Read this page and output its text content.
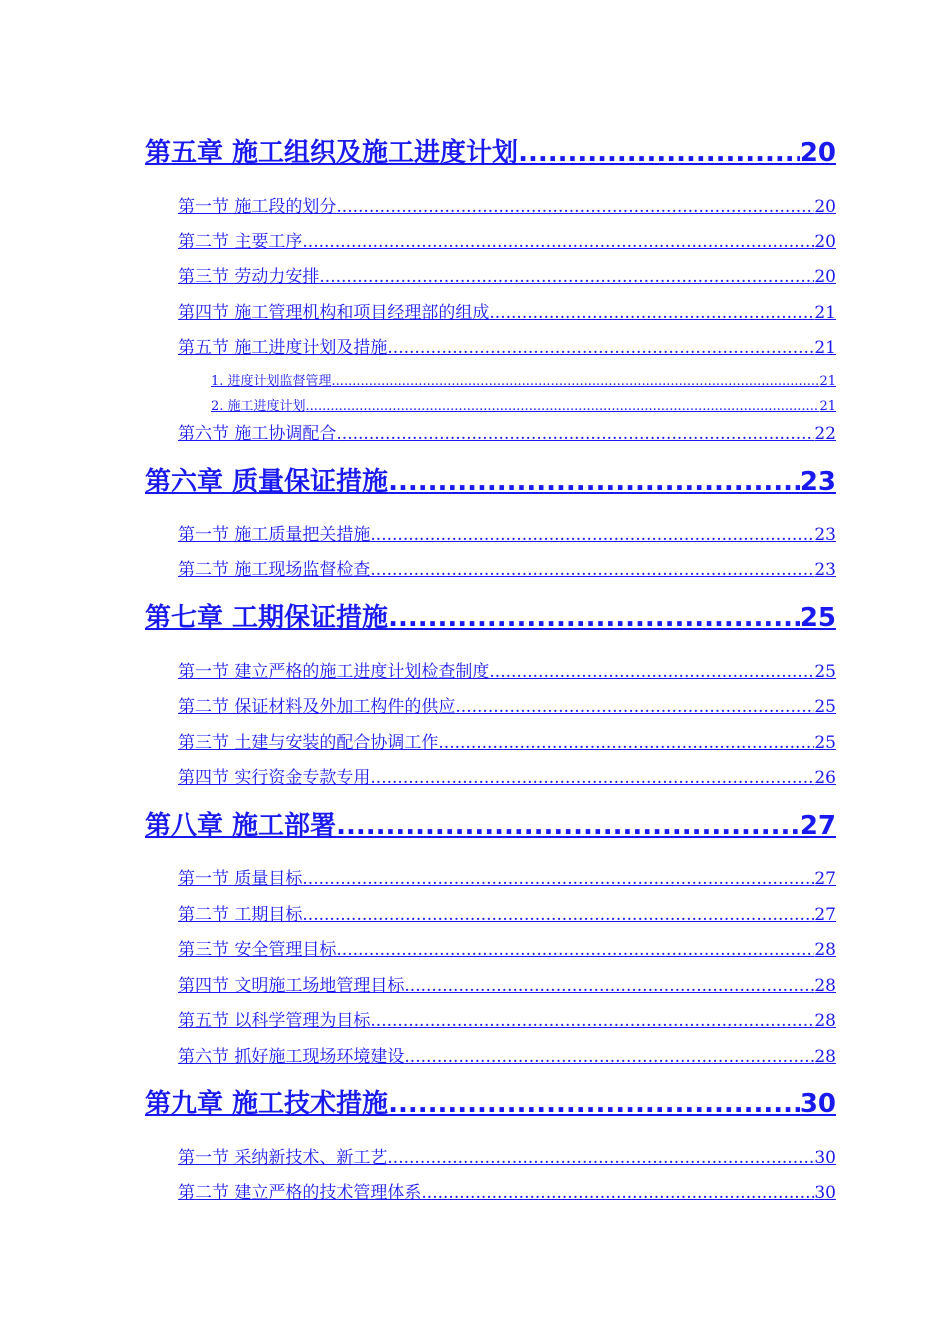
第五章 施工组织及施工进度计划 .....	20
第一节 施工段的划分 .....	20
第二节 主要工序 .....	20
第三节 劳动力安排 .....	20
第四节 施工管理机构和项目经理部的组成 .....	21
第五节 施工进度计划及措施 .....	21
1. 进度计划监督管理 .....	21
2. 施工进度计划 .....	21
第六节 施工协调配合 .....	22
第六章 质量保证措施 .....	23
第一节 施工质量把关措施 .....	23
第二节 施工现场监督检查 .....	23
第七章 工期保证措施 .....	25
第一节 建立严格的施工进度计划检查制度 .....	25
第二节 保证材料及外加工构件的供应 .....	25
第三节 土建与安装的配合协调工作 .....	25
第四节 实行资金专款专用 .....	26
第八章 施工部署 .....	27
第一节 质量目标 .....	27
第二节 工期目标 .....	27
第三节 安全管理目标 .....	28
第四节 文明施工场地管理目标 .....	28
第五节 以科学管理为目标 .....	28
第六节 抓好施工现场环境建设 .....	28
第九章 施工技术措施 .....	30
第一节 采纳新技术、新工艺 .....	30
第二节 建立严格的技术管理体系 .....	30
